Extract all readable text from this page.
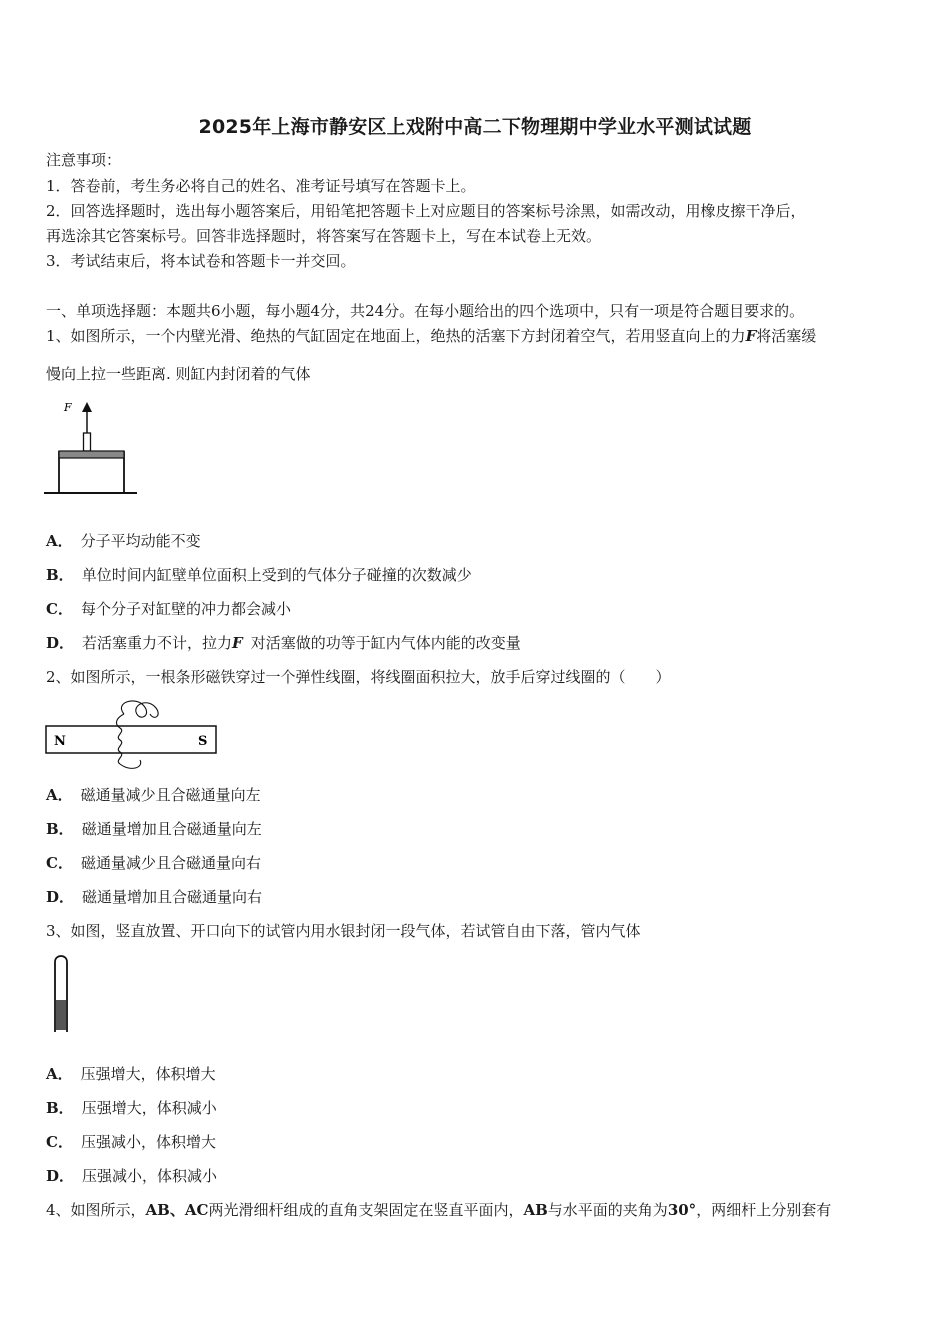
2025年上海市静安区上戏附中高二下物理期中学业水平测试试题
注意事项：
1．答卷前，考生务必将自己的姓名、准考证号填写在答题卡上。
2．回答选择题时，选出每小题答案后，用铅笔把答题卡上对应题目的答案标号涂黑，如需改动，用橡皮擦干净后，
再选涂其它答案标号。回答非选择题时，将答案写在答题卡上，写在本试卷上无效。
3．考试结束后，将本试卷和答题卡一并交回。
一、单项选择题：本题共6小题，每小题4分，共24分。在每小题给出的四个选项中，只有一项是符合题目要求的。
1、如图所示，一个内壁光滑、绝热的气缸固定在地面上，绝热的活塞下方封闭着空气，若用竖直向上的力F将活塞缓
慢向上拉一些距离. 则缸内封闭着的气体
F
A． 分子平均动能不变
B． 单位时间内缸壁单位面积上受到的气体分子碰撞的次数减少
C． 每个分子对缸壁的冲力都会减小
D． 若活塞重力不计，拉力F 对活塞做的功等于缸内气体内能的改变量
2、如图所示，一根条形磁铁穿过一个弹性线圈，将线圈面积拉大，放手后穿过线圈的（　　）
N	S
A． 磁通量减少且合磁通量向左
B． 磁通量增加且合磁通量向左
C． 磁通量减少且合磁通量向右
D． 磁通量增加且合磁通量向右
3、如图，竖直放置、开口向下的试管内用水银封闭一段气体，若试管自由下落，管内气体
A． 压强增大，体积增大
B． 压强增大，体积减小
C． 压强减小，体积增大
D． 压强减小，体积减小
4、如图所示，AB、AC两光滑细杆组成的直角支架固定在竖直平面内，AB与水平面的夹角为30°，两细杆上分别套有
